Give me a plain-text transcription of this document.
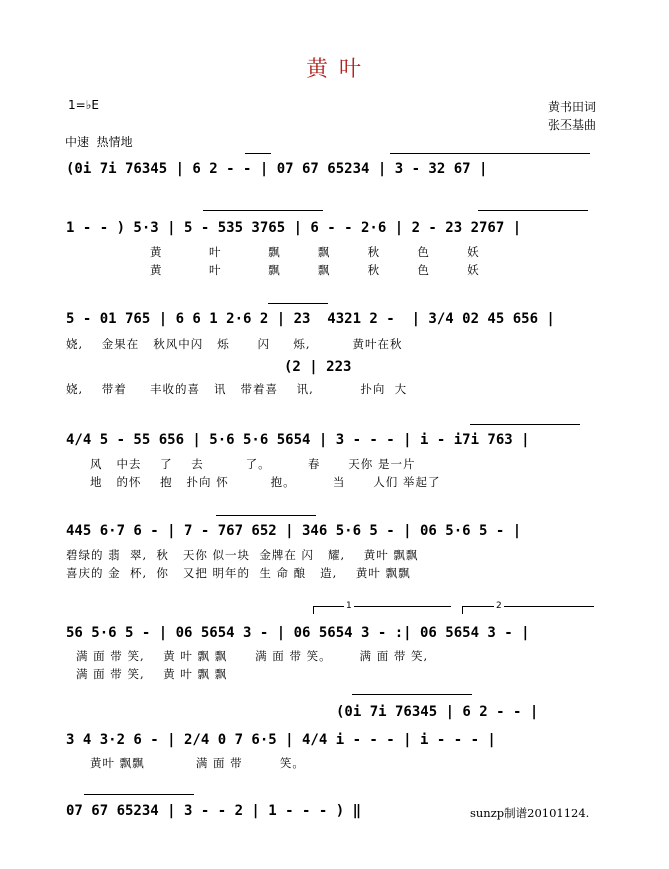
黄 叶
1=♭E	黄书田词
张丕基曲
中速  热情地
(0i 7i 76345 | 6 2 - - | 07 67 65234 | 3 - 32 67 |
1 - - ) 5·3 | 5 - 535 3765 | 6 - - 2·6 | 2 - 23 2767 |
黄          叶          飘        飘        秋        色        妖
黄          叶          飘        飘        秋        色        妖
5 - 01 765 | 6 6 1 2·6 2 | 23  4321 2 -  | 3/4 02 45 656 |
娆,    金果在   秋风中闪   烁      闪     烁,         黄叶在秋
(2 | 223
娆,    带着     丰收的喜   讯   带着喜    讯,          扑向  大
4/4 5 - 55 656 | 5·6 5·6 5654 | 3 - - - | i - i7i 763 |
风   中去    了    去         了。        春      天你 是一片
地   的怀    抱   扑向 怀         抱。        当      人们 举起了
445 6·7 6 - | 7 - 767 652 | 346 5·6 5 - | 06 5·6 5 - |
碧绿的 翡  翠,  秋   天你 似一块  金牌在 闪   耀,    黄叶 飘飘
喜庆的 金  杯,  你   又把 明年的  生 命 酿   造,    黄叶 飘飘
1	2
56 5·6 5 - | 06 5654 3 - | 06 5654 3 - :| 06 5654 3 - |
满 面 带 笑,    黄 叶 飘 飘      满 面 带 笑。      满 面 带 笑,
满 面 带 笑,    黄 叶 飘 飘
(0i 7i 76345 | 6 2 - - |
3 4 3·2 6 - | 2/4 0 7 6·5 | 4/4 i - - - | i - - - |
黄叶 飘飘           满 面 带        笑。
07 67 65234 | 3 - - 2 | 1 - - - ) ‖	sunzp制谱20101124.
